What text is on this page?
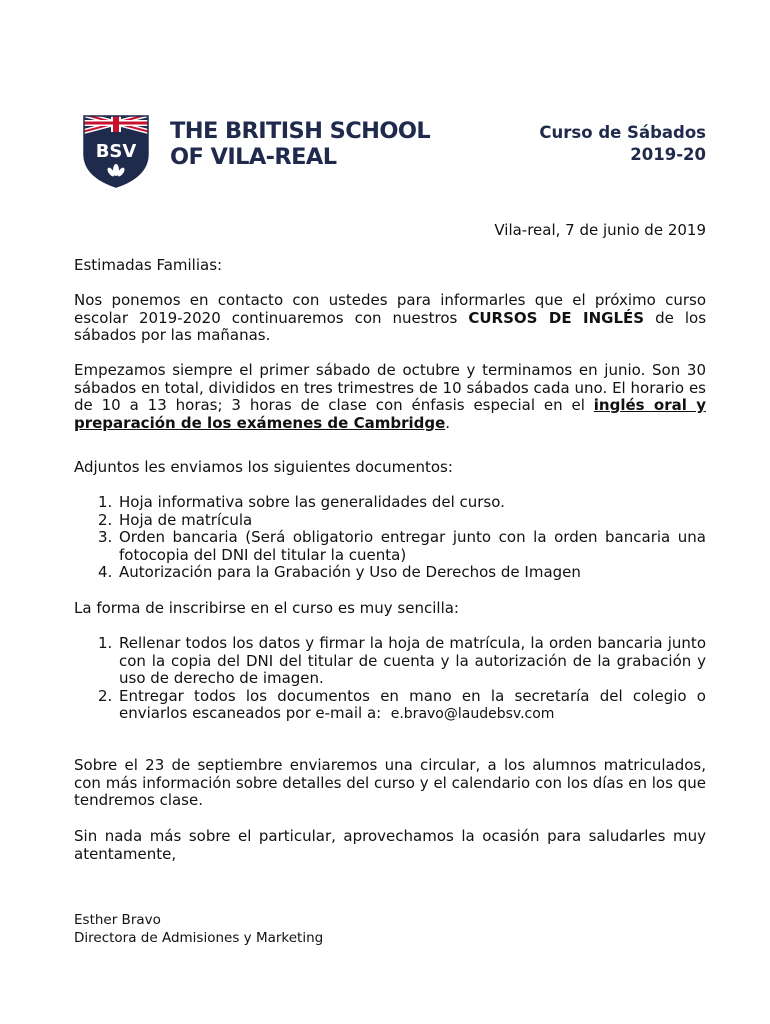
BSV
THE BRITISH SCHOOL
OF VILA-REAL
Curso de Sábados
2019-20
Vila-real, 7 de junio de 2019
Estimadas Familias:
Nos ponemos en contacto con ustedes para informarles que el próximo curso escolar 2019-2020 continuaremos con nuestros CURSOS DE INGLÉS de los sábados por las mañanas.
Empezamos siempre el primer sábado de octubre y terminamos en junio. Son 30 sábados en total, divididos en tres trimestres de 10 sábados cada uno. El horario es de 10 a 13 horas; 3 horas de clase con énfasis especial en el inglés oral y preparación de los exámenes de Cambridge.
Adjuntos les enviamos los siguientes documentos:
1. Hoja informativa sobre las generalidades del curso.
2. Hoja de matrícula
3. Orden bancaria (Será obligatorio entregar junto con la orden bancaria una fotocopia del DNI del titular la cuenta)
4. Autorización para la Grabación y Uso de Derechos de Imagen
La forma de inscribirse en el curso es muy sencilla:
1. Rellenar todos los datos y firmar la hoja de matrícula, la orden bancaria junto con la copia del DNI del titular de cuenta y la autorización de la grabación y uso de derecho de imagen.
2. Entregar todos los documentos en mano en la secretaría del colegio o enviarlos escaneados por e-mail a: e.bravo@laudebsv.com
Sobre el 23 de septiembre enviaremos una circular, a los alumnos matriculados, con más información sobre detalles del curso y el calendario con los días en los que tendremos clase.
Sin nada más sobre el particular, aprovechamos la ocasión para saludarles muy atentamente,
Esther Bravo
Directora de Admisiones y Marketing
